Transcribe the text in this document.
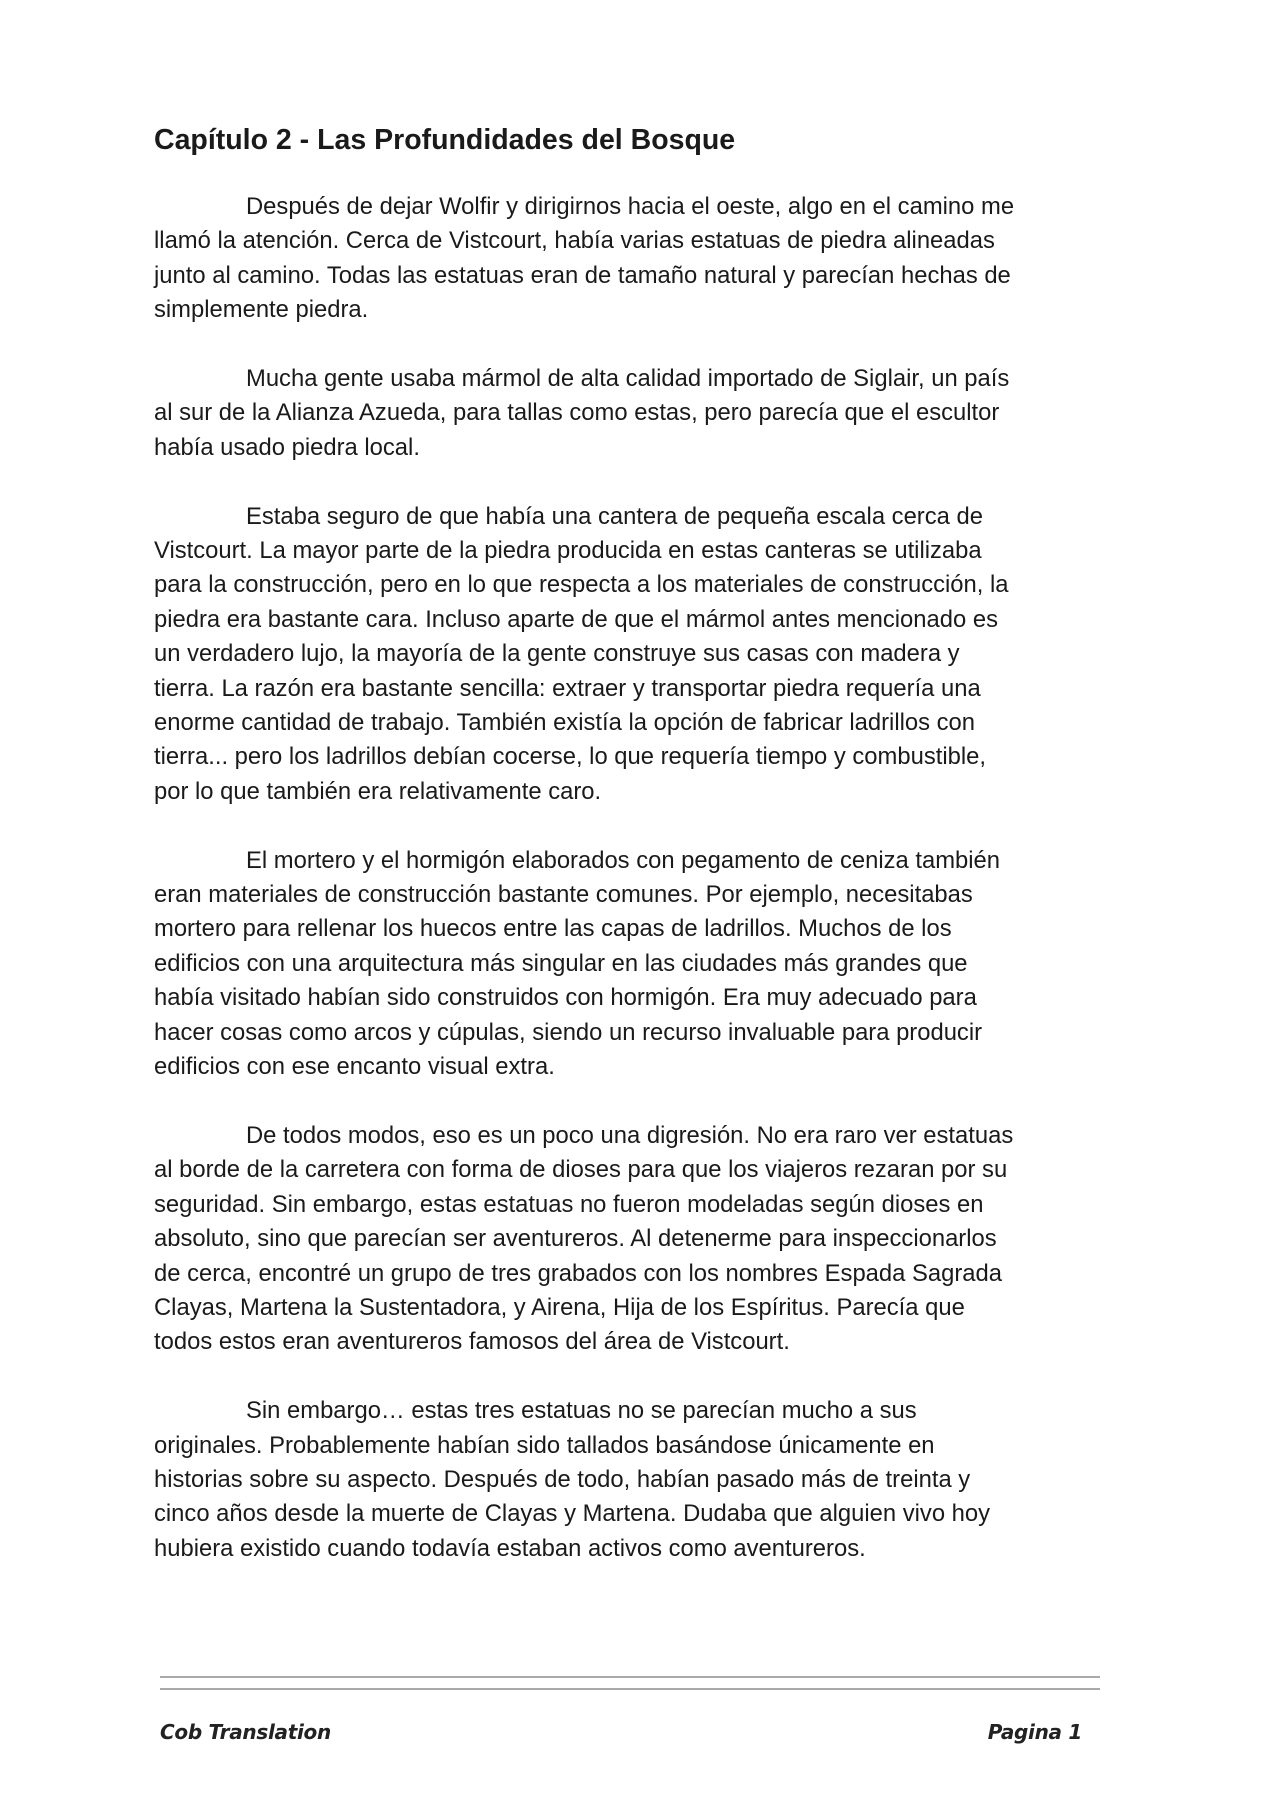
Capítulo 2 - Las Profundidades del Bosque

Después de dejar Wolfir y dirigirnos hacia el oeste, algo en el camino me
llamó la atención. Cerca de Vistcourt, había varias estatuas de piedra alineadas
junto al camino. Todas las estatuas eran de tamaño natural y parecían hechas de
simplemente piedra.

Mucha gente usaba mármol de alta calidad importado de Siglair, un país
al sur de la Alianza Azueda, para tallas como estas, pero parecía que el escultor
había usado piedra local.

Estaba seguro de que había una cantera de pequeña escala cerca de
Vistcourt. La mayor parte de la piedra producida en estas canteras se utilizaba
para la construcción, pero en lo que respecta a los materiales de construcción, la
piedra era bastante cara. Incluso aparte de que el mármol antes mencionado es
un verdadero lujo, la mayoría de la gente construye sus casas con madera y
tierra. La razón era bastante sencilla: extraer y transportar piedra requería una
enorme cantidad de trabajo. También existía la opción de fabricar ladrillos con
tierra... pero los ladrillos debían cocerse, lo que requería tiempo y combustible,
por lo que también era relativamente caro.

El mortero y el hormigón elaborados con pegamento de ceniza también
eran materiales de construcción bastante comunes. Por ejemplo, necesitabas
mortero para rellenar los huecos entre las capas de ladrillos. Muchos de los
edificios con una arquitectura más singular en las ciudades más grandes que
había visitado habían sido construidos con hormigón. Era muy adecuado para
hacer cosas como arcos y cúpulas, siendo un recurso invaluable para producir
edificios con ese encanto visual extra.

De todos modos, eso es un poco una digresión. No era raro ver estatuas
al borde de la carretera con forma de dioses para que los viajeros rezaran por su
seguridad. Sin embargo, estas estatuas no fueron modeladas según dioses en
absoluto, sino que parecían ser aventureros. Al detenerme para inspeccionarlos
de cerca, encontré un grupo de tres grabados con los nombres Espada Sagrada
Clayas, Martena la Sustentadora, y Airena, Hija de los Espíritus. Parecía que
todos estos eran aventureros famosos del área de Vistcourt.

Sin embargo… estas tres estatuas no se parecían mucho a sus
originales. Probablemente habían sido tallados basándose únicamente en
historias sobre su aspecto. Después de todo, habían pasado más de treinta y
cinco años desde la muerte de Clayas y Martena. Dudaba que alguien vivo hoy
hubiera existido cuando todavía estaban activos como aventureros.

Cob Translation	Pagina 1
